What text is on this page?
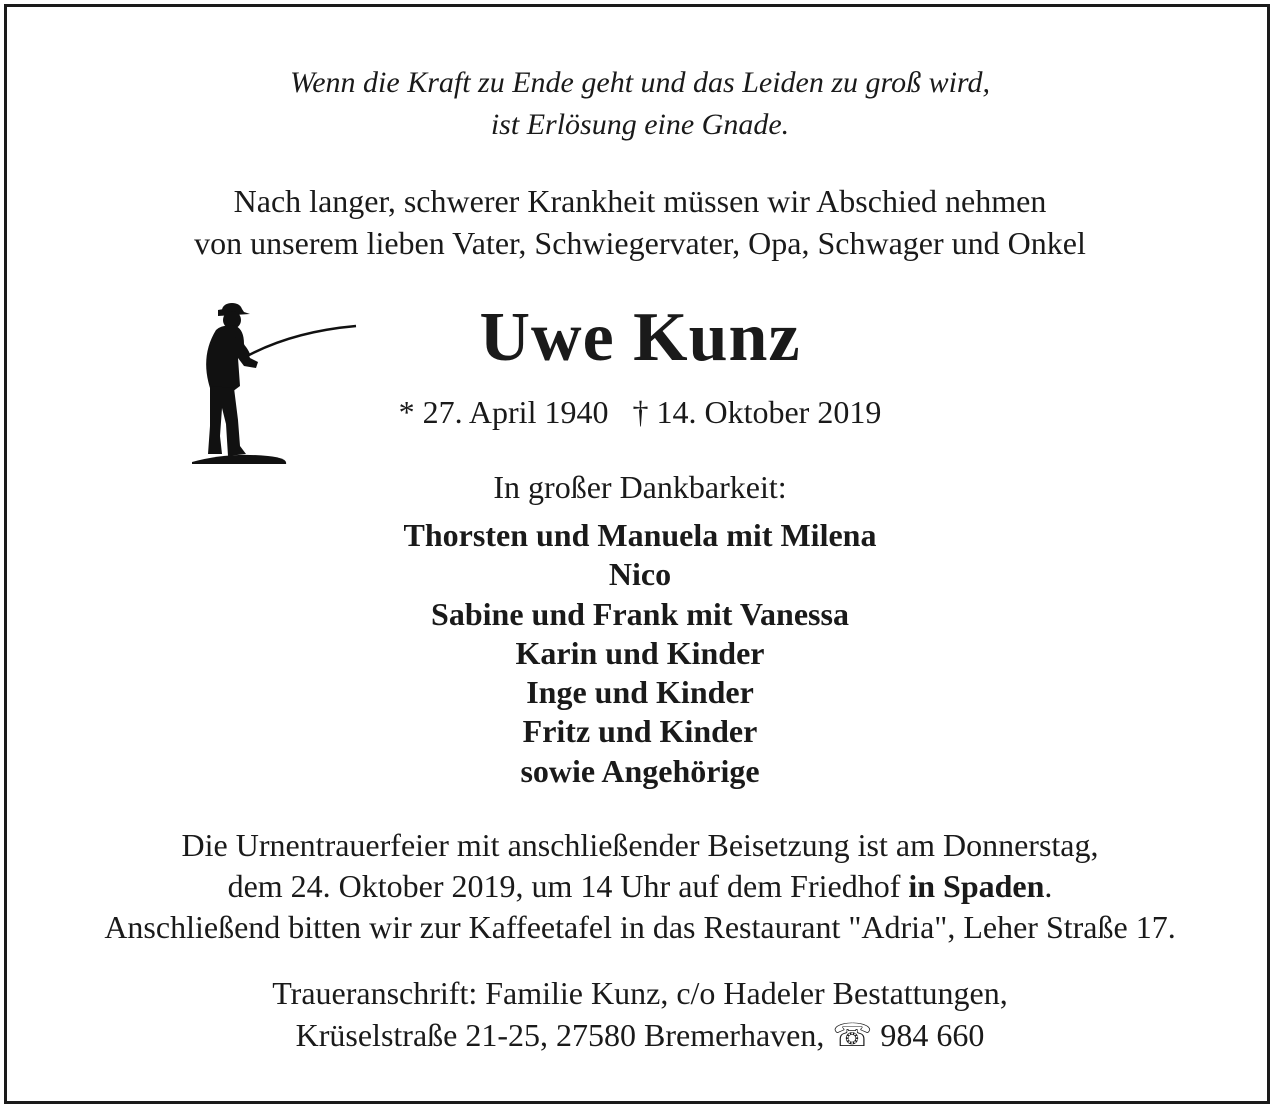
Wenn die Kraft zu Ende geht und das Leiden zu groß wird,
ist Erlösung eine Gnade.
Nach langer, schwerer Krankheit müssen wir Abschied nehmen
von unserem lieben Vater, Schwiegervater, Opa, Schwager und Onkel
Uwe Kunz
* 27. April 1940 † 14. Oktober 2019
In großer Dankbarkeit:
Thorsten und Manuela mit Milena
Nico
Sabine und Frank mit Vanessa
Karin und Kinder
Inge und Kinder
Fritz und Kinder
sowie Angehörige
Die Urnentrauerfeier mit anschließender Beisetzung ist am Donnerstag,
dem 24. Oktober 2019, um 14 Uhr auf dem Friedhof in Spaden.
Anschließend bitten wir zur Kaffeetafel in das Restaurant "Adria", Leher Straße 17.
Traueranschrift: Familie Kunz, c/o Hadeler Bestattungen,
Krüselstraße 21-25, 27580 Bremerhaven, ☏ 984 660
